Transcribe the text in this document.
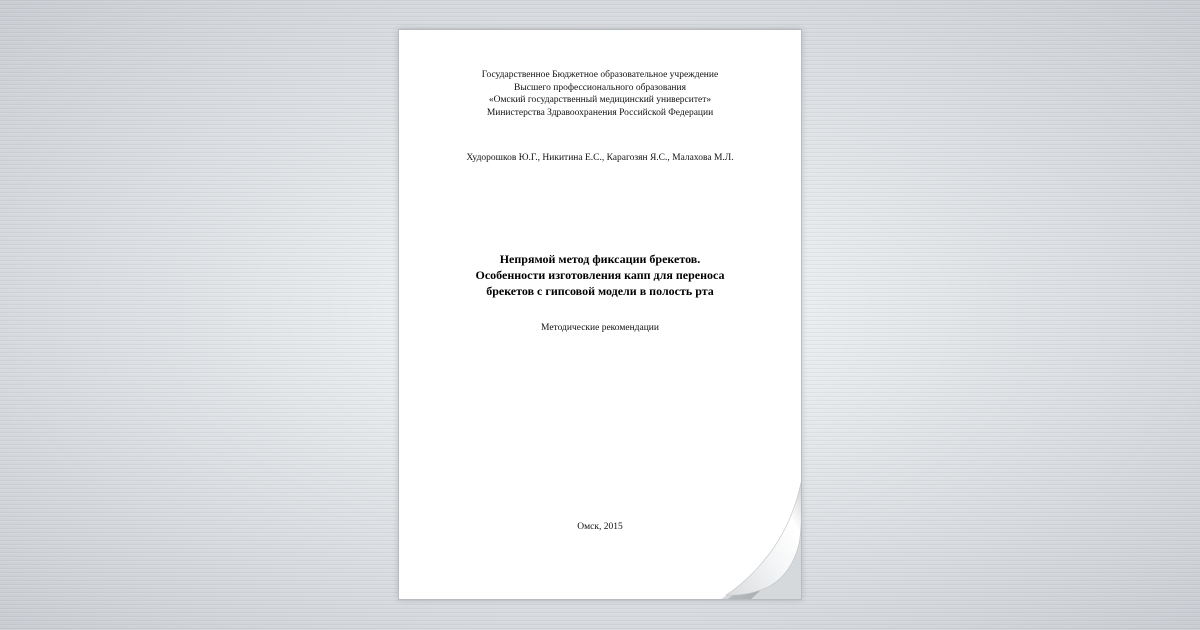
Государственное Бюджетное образовательное учреждение
Высшего профессионального образования
«Омский государственный медицинский университет»
Министерства Здравоохранения Российской Федерации
Худорошков Ю.Г., Никитина Е.С., Карагозян Я.С., Малахова М.Л.
Непрямой метод фиксации брекетов.
Особенности изготовления капп для переноса
брекетов с гипсовой модели в полость рта
Методические рекомендации
Омск, 2015
